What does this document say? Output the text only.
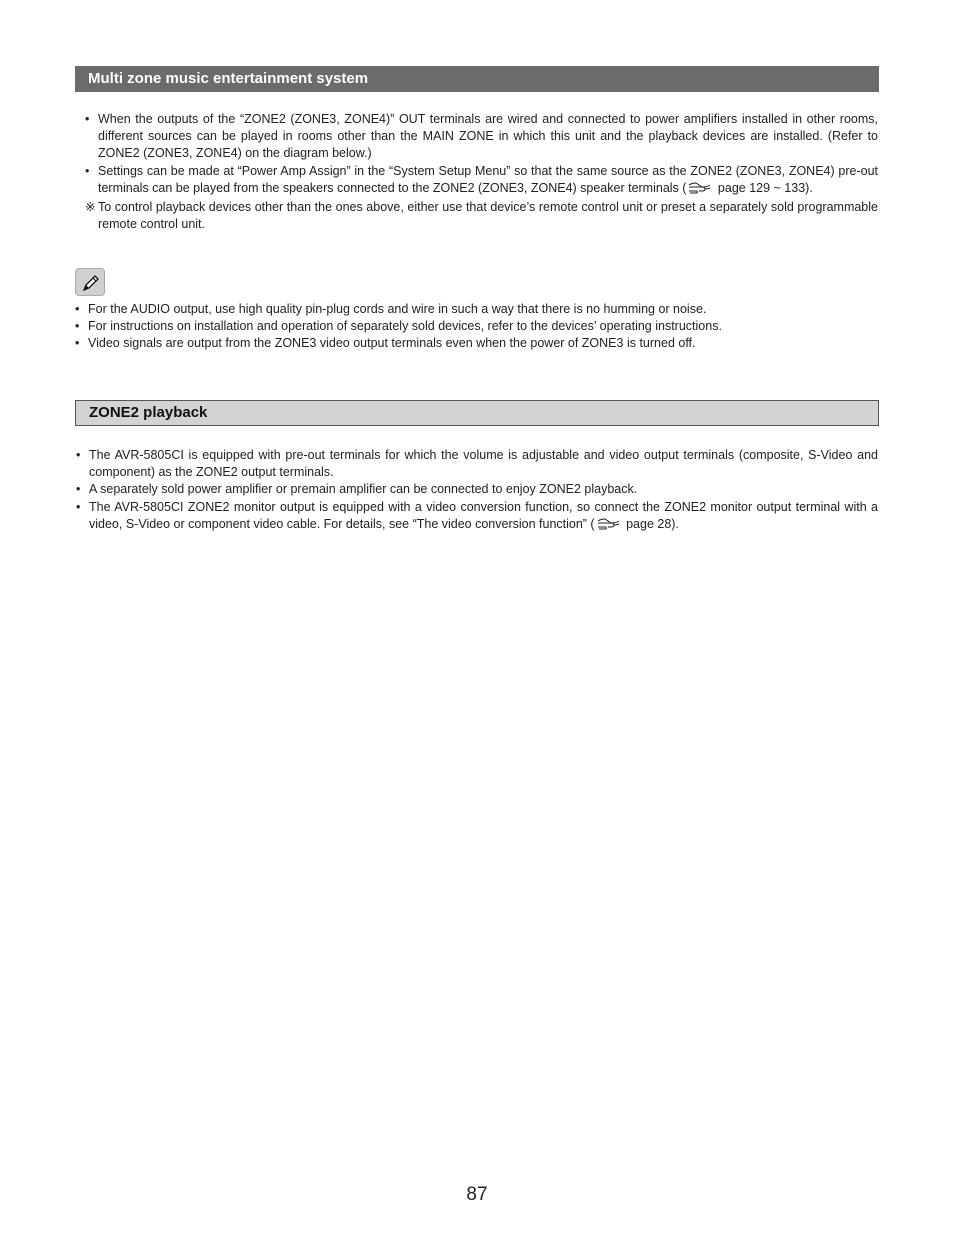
Multi zone music entertainment system
• When the outputs of the “ZONE2 (ZONE3, ZONE4)” OUT terminals are wired and connected to power amplifiers installed in other rooms, different sources can be played in rooms other than the MAIN ZONE in which this unit and the playback devices are installed. (Refer to ZONE2 (ZONE3, ZONE4) on the diagram below.)
• Settings can be made at “Power Amp Assign” in the “System Setup Menu” so that the same source as the ZONE2 (ZONE3, ZONE4) pre-out terminals can be played from the speakers connected to the ZONE2 (ZONE3, ZONE4) speaker terminals ( page 129 ~ 133).
※ To control playback devices other than the ones above, either use that device’s remote control unit or preset a separately sold programmable remote control unit.
• For the AUDIO output, use high quality pin-plug cords and wire in such a way that there is no humming or noise.
• For instructions on installation and operation of separately sold devices, refer to the devices’ operating instructions.
• Video signals are output from the ZONE3 video output terminals even when the power of ZONE3 is turned off.
ZONE2 playback
• The AVR-5805CI is equipped with pre-out terminals for which the volume is adjustable and video output terminals (composite, S-Video and component) as the ZONE2 output terminals.
• A separately sold power amplifier or premain amplifier can be connected to enjoy ZONE2 playback.
• The AVR-5805CI ZONE2 monitor output is equipped with a video conversion function, so connect the ZONE2 monitor output terminal with a video, S-Video or component video cable. For details, see “The video conversion function” ( page 28).
87
